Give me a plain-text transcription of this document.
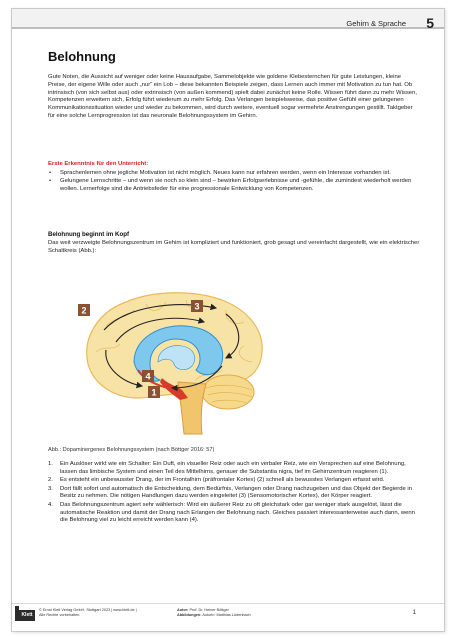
Gehirn & Sprache 5
Belohnung
Gute Noten, die Aussicht auf weniger oder keine Hausaufgabe, Sammelobjekte wie goldene Klebesternchen für gute Leistungen, kleine Preise, der eigene Wille oder auch „nur“ ein Lob – diese bekannten Beispiele zeigen, dass Lernen auch immer mit Motivation zu tun hat. Ob intrinsisch (von sich selbst aus) oder extrinsisch (von außen kommend) spielt dabei zunächst keine Rolle. Wissen führt dann zu mehr Wissen, Kompetenzen erweitern sich, Erfolg führt wiederum zu mehr Erfolg. Das Verlangen beispielsweise, das positive Gefühl einer gelungenen Kommunikationssituation wieder und wieder zu bekommen, wird durch weitere, eventuell sogar vermehrte Anstrengungen gestillt. Taktgeber für eine solche Lernprogression ist das neuronale Belohnungssystem im Gehirn.
Erste Erkenntnis für den Unterricht:
• Sprachenlernen ohne jegliche Motivation ist nicht möglich. Neues kann nur erfahren werden, wenn ein Interesse vorhanden ist.
• Gelungene Lernschritte – und wenn sie noch so klein sind – bewirken Erfolgserlebnisse und -gefühle, die zumindest wiederholt werden wollen. Lernerfolge sind die Antriebsfeder für eine progressionale Entwicklung von Kompetenzen.
Belohnung beginnt im Kopf
Das weit verzweigte Belohnungszentrum im Gehirn ist kompliziert und funktioniert, grob gesagt und vereinfacht dargestellt, wie ein elektrischer Schaltkreis (Abb.):
2	3
4
1
Abb.: Dopaminergenes Belohnungssystem (nach Böttger 2016: 57)
1. Ein Auslöser wirkt wie ein Schalter: Ein Duft, ein visueller Reiz oder auch ein verbaler Reiz, wie ein Versprechen auf eine Belohnung, lassen das limbische System und einen Teil des Mittelhirns, genauer die Substantia nigra, tief im Gehirnzentrum reagieren (1).
2. Es entsteht ein unbewusster Drang, der im Frontalhirn (präfrontaler Kortex) (2) schnell als bewusstes Verlangen erfasst wird.
3. Dort fällt sofort und automatisch die Entscheidung, dem Bedürfnis, Verlangen oder Drang nachzugeben und das Objekt der Begierde in Besitz zu nehmen. Die nötigen Handlungen dazu werden eingeleitet (3) (Sensomotorischer Kortex), der Körper reagiert.
4. Das Belohnungszentrum agiert sehr wählerisch: Wird ein äußerer Reiz zu oft gleichstark oder gar weniger stark ausgelöst, lässt die automatische Reaktion und damit der Drang nach Erlangen der Belohnung nach. Gleiches passiert interessanterweise auch dann, wenn die Belohnung viel zu leicht erreicht werden kann (4).
Klett
© Ernst Klett Verlag GmbH, Stuttgart 2023 | www.klett.de |
Alle Rechte vorbehalten.
Autor: Prof. Dr. Heiner Böttger
Abbildungen: Autorin: Matthias Lüdenbach	1
